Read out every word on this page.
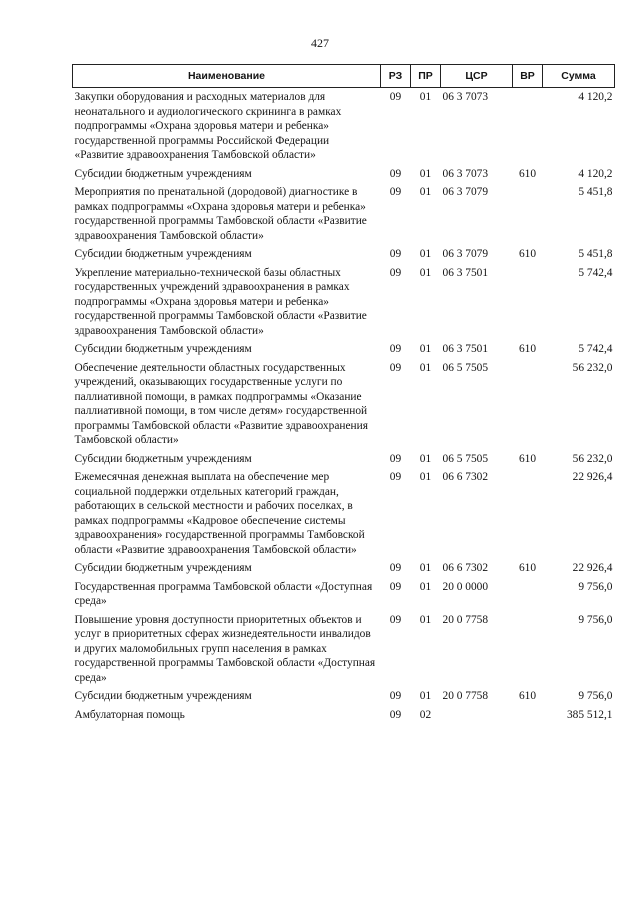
427
Наименование	РЗ	ПР	ЦСР	ВР	Сумма
Закупки оборудования и расходных материалов для неонатального и аудиологического скрининга в рамках подпрограммы «Охрана здоровья матери и ребенка» государственной программы Российской Федерации «Развитие здравоохранения Тамбовской области»	09	01	06 3 7073		4 120,2
Субсидии бюджетным учреждениям	09	01	06 3 7073	610	4 120,2
Мероприятия по пренатальной (дородовой) диагностике в рамках подпрограммы «Охрана здоровья матери и ребенка» государственной программы Тамбовской области «Развитие здравоохранения Тамбовской области»	09	01	06 3 7079		5 451,8
Субсидии бюджетным учреждениям	09	01	06 3 7079	610	5 451,8
Укрепление материально-технической базы областных государственных учреждений здравоохранения в рамках подпрограммы «Охрана здоровья матери и ребенка» государственной программы Тамбовской области «Развитие здравоохранения Тамбовской области»	09	01	06 3 7501		5 742,4
Субсидии бюджетным учреждениям	09	01	06 3 7501	610	5 742,4
Обеспечение деятельности областных государственных учреждений, оказывающих государственные услуги по паллиативной помощи, в рамках подпрограммы «Оказание паллиативной помощи, в том числе детям» государственной программы Тамбовской области «Развитие здравоохранения Тамбовской области»	09	01	06 5 7505		56 232,0
Субсидии бюджетным учреждениям	09	01	06 5 7505	610	56 232,0
Ежемесячная денежная выплата на обеспечение мер социальной поддержки отдельных категорий граждан, работающих в сельской местности и рабочих поселках, в рамках подпрограммы «Кадровое обеспечение системы здравоохранения» государственной программы Тамбовской области «Развитие здравоохранения Тамбовской области»	09	01	06 6 7302		22 926,4
Субсидии бюджетным учреждениям	09	01	06 6 7302	610	22 926,4
Государственная программа Тамбовской области «Доступная среда»	09	01	20 0 0000		9 756,0
Повышение уровня доступности приоритетных объектов и услуг в приоритетных сферах жизнедеятельности инвалидов и других маломобильных групп населения в рамках государственной программы Тамбовской области «Доступная среда»	09	01	20 0 7758		9 756,0
Субсидии бюджетным учреждениям	09	01	20 0 7758	610	9 756,0
Амбулаторная помощь	09	02			385 512,1
